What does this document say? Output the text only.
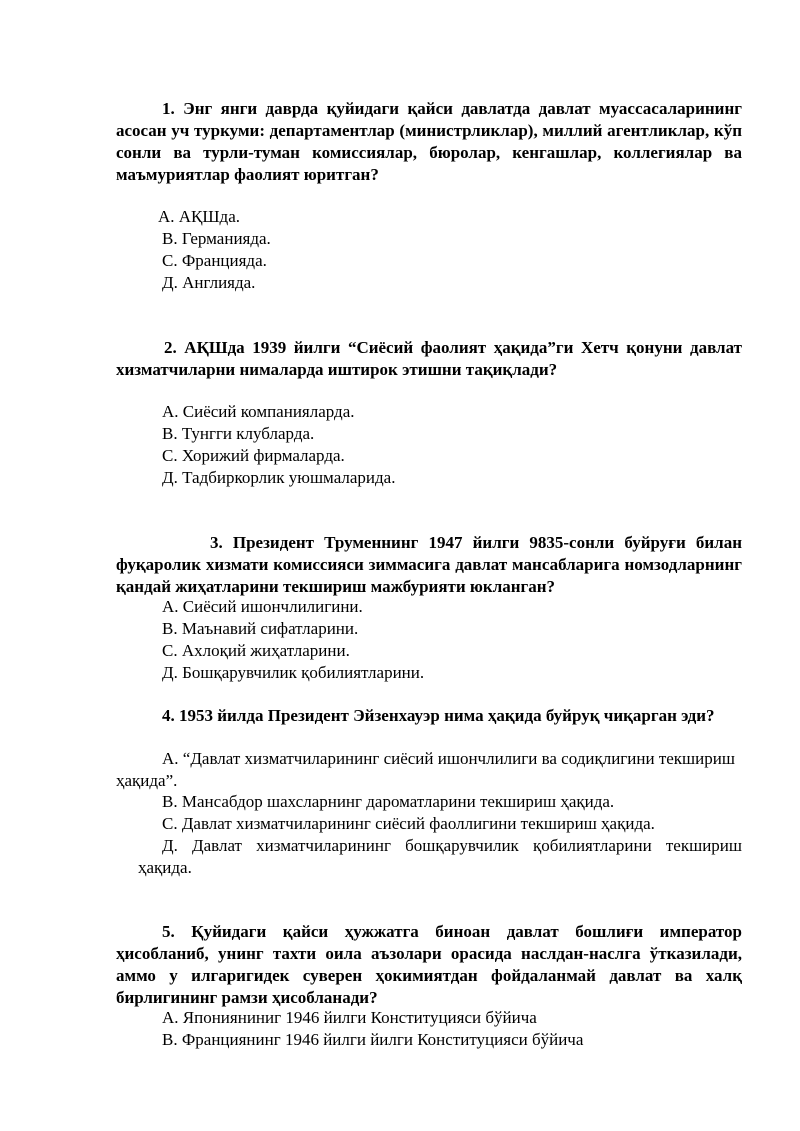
1. Энг янги даврда қуйидаги қайси давлатда давлат муассасаларининг асосан уч туркуми: департаментлар (министрликлар), миллий агентликлар, кўп сонли ва турли-туман комиссиялар, бюролар, кенгашлар, коллегиялар ва маъмуриятлар фаолият юритган?

А. АҚШда.

В. Германияда.

С. Францияда.

Д. Англияда.

2. АҚШда 1939 йилги “Сиёсий фаолият ҳақида”ги Хетч қонуни давлат хизматчиларни нималарда иштирок этишни тақиқлади?

А. Сиёсий компанияларда.

В. Тунгги клубларда.

С. Хорижий фирмаларда.

Д. Тадбиркорлик уюшмаларида.

3. Президент Трумeннинг 1947 йилги 9835-сонли буйруғи билан фуқаролик хизмати комиссияси зиммасига давлат мансабларига номзодларнинг қандай жиҳатларини текшириш мажбурияти юкланган?

А. Сиёсий ишончлилигини.

В. Маънавий сифатларини.

С. Ахлоқий жиҳатларини.

Д. Бошқарувчилик қобилиятларини.

4. 1953 йилда Президент Эйзенхауэр нима ҳақида буйруқ чиқарган эди?

А. “Давлат хизматчиларининг сиёсий ишончлилиги ва содиқлигини текшириш ҳақида”.

В. Мансабдор шахсларнинг дароматларини текшириш ҳақида.

С. Давлат хизматчиларининг сиёсий фаоллигини текшириш ҳақида.

Д. Давлат хизматчиларининг бошқарувчилик қобилиятларини текшириш ҳақида.

5. Қуйидаги қайси ҳужжатга биноан давлат бошлиғи император ҳисобланиб, унинг тахти оила аъзолари орасида наслдан-наслга ўтказилади, аммо у илгаригидек суверен ҳокимиятдан фойдаланмай давлат ва халқ бирлигининг рамзи ҳисобланади?

А. Японияниниг 1946 йилги Конституцияси бўйича

В. Франциянинг 1946 йилги йилги Конституцияси бўйича
